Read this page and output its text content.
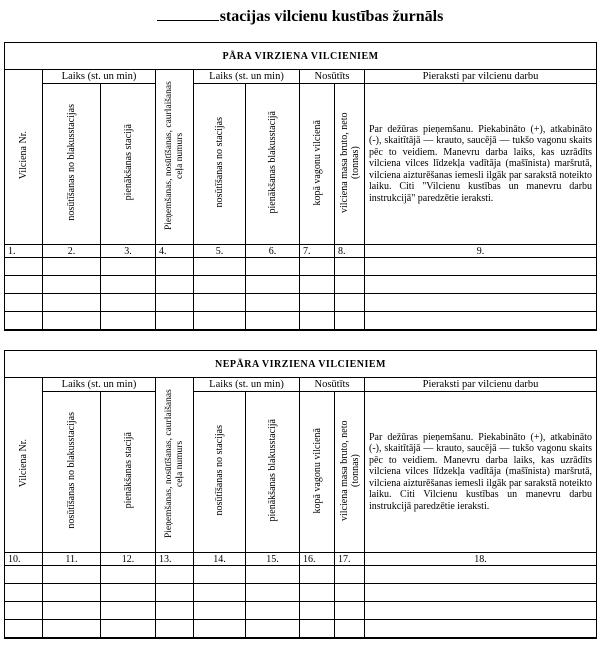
stacijas vilcienu kustības žurnāls
PĀRA VIRZIENA VILCIENIEM								
Vilciena Nr.	Laiks (st. un min)		Pieņemšanas, nosūtīšanas, caurlaišanas ceļa numurs	Laiks (st. un min)		Nosūtīts		Pieraksti par vilcienu darbu
	nosūtīšanas no blakusstacijas	pienākšanas stacijā		nosūtīšanas no stacijas	pienākšanas blakusstacijā	kopā vagonu vilcienā	vilciena masa bruto, neto (tonnas)	Par dežūras pieņemšanu. Piekabināto (+), atkabināto (-), skaitītājā — krauto, saucējā — tukšo vagonu skaits pēc to veidiem. Manevru darba laiks, kas uzrādīts vilciena vilces līdzekļa vadītāja (mašīnista) maršrutā, vilciena aizturēšanas iemesli ilgāk par sarakstā noteikto laiku. Citi "Vilcienu kustības un manevru darbu instrukcijā" paredzētie ieraksti.
1.	2.	3.	4.	5.	6.	7.	8.	9.

NEPĀRA VIRZIENA VILCIENIEM								
Vilciena Nr.	Laiks (st. un min)		Pieņemšanas, nosūtīšanas, caurlaišanas ceļa numurs	Laiks (st. un min)		Nosūtīts		Pieraksti par vilcienu darbu
	nosūtīšanas no blakusstacijas	pienākšanas stacijā		nosūtīšanas no stacijas	pienākšanas blakusstacijā	kopā vagonu vilcienā	vilciena masa bruto, neto (tonnas)	Par dežūras pieņemšanu. Piekabināto (+), atkabināto (-), skaitītājā — krauto, saucējā — tukšo vagonu skaits pēc to veidiem. Manevru darba laiks, kas uzrādīts vilciena vilces līdzekļa vadītāja (mašīnista) maršrutā, vilciena aizturēšanas iemesli ilgāk par sarakstā noteikto laiku. Citi Vilcienu kustības un manevru darbu instrukcijā paredzētie ieraksti.
10.	11.	12.	13.	14.	15.	16.	17.	18.
